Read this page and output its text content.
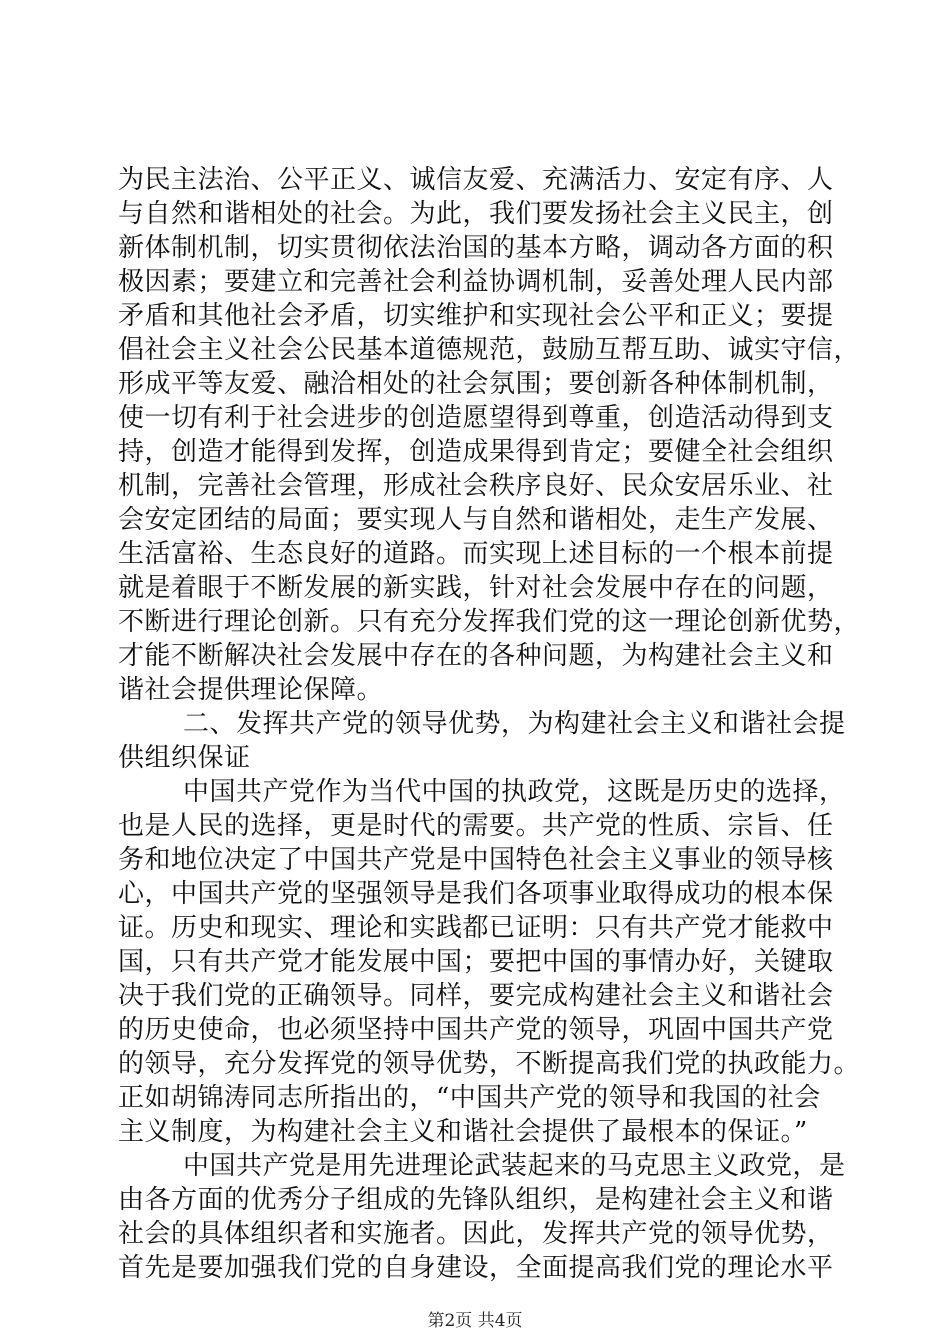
为民主法治、公平正义、诚信友爱、充满活力、安定有序、人
与自然和谐相处的社会。为此，我们要发扬社会主义民主，创
新体制机制，切实贯彻依法治国的基本方略，调动各方面的积
极因素；要建立和完善社会利益协调机制，妥善处理人民内部
矛盾和其他社会矛盾，切实维护和实现社会公平和正义；要提
倡社会主义社会公民基本道德规范，鼓励互帮互助、诚实守信，
形成平等友爱、融洽相处的社会氛围；要创新各种体制机制，
使一切有利于社会进步的创造愿望得到尊重，创造活动得到支
持，创造才能得到发挥，创造成果得到肯定；要健全社会组织
机制，完善社会管理，形成社会秩序良好、民众安居乐业、社
会安定团结的局面；要实现人与自然和谐相处，走生产发展、
生活富裕、生态良好的道路。而实现上述目标的一个根本前提
就是着眼于不断发展的新实践，针对社会发展中存在的问题，
不断进行理论创新。只有充分发挥我们党的这一理论创新优势，
才能不断解决社会发展中存在的各种问题，为构建社会主义和
谐社会提供理论保障。
二、发挥共产党的领导优势，为构建社会主义和谐社会提
供组织保证
中国共产党作为当代中国的执政党，这既是历史的选择，
也是人民的选择，更是时代的需要。共产党的性质、宗旨、任
务和地位决定了中国共产党是中国特色社会主义事业的领导核
心，中国共产党的坚强领导是我们各项事业取得成功的根本保
证。历史和现实、理论和实践都已证明：只有共产党才能救中
国，只有共产党才能发展中国；要把中国的事情办好，关键取
决于我们党的正确领导。同样，要完成构建社会主义和谐社会
的历史使命，也必须坚持中国共产党的领导，巩固中国共产党
的领导，充分发挥党的领导优势，不断提高我们党的执政能力。
正如胡锦涛同志所指出的，“中国共产党的领导和我国的社会
主义制度，为构建社会主义和谐社会提供了最根本的保证。”
中国共产党是用先进理论武装起来的马克思主义政党，是
由各方面的优秀分子组成的先锋队组织，是构建社会主义和谐
社会的具体组织者和实施者。因此，发挥共产党的领导优势，
首先是要加强我们党的自身建设，全面提高我们党的理论水平
第2页 共4页
